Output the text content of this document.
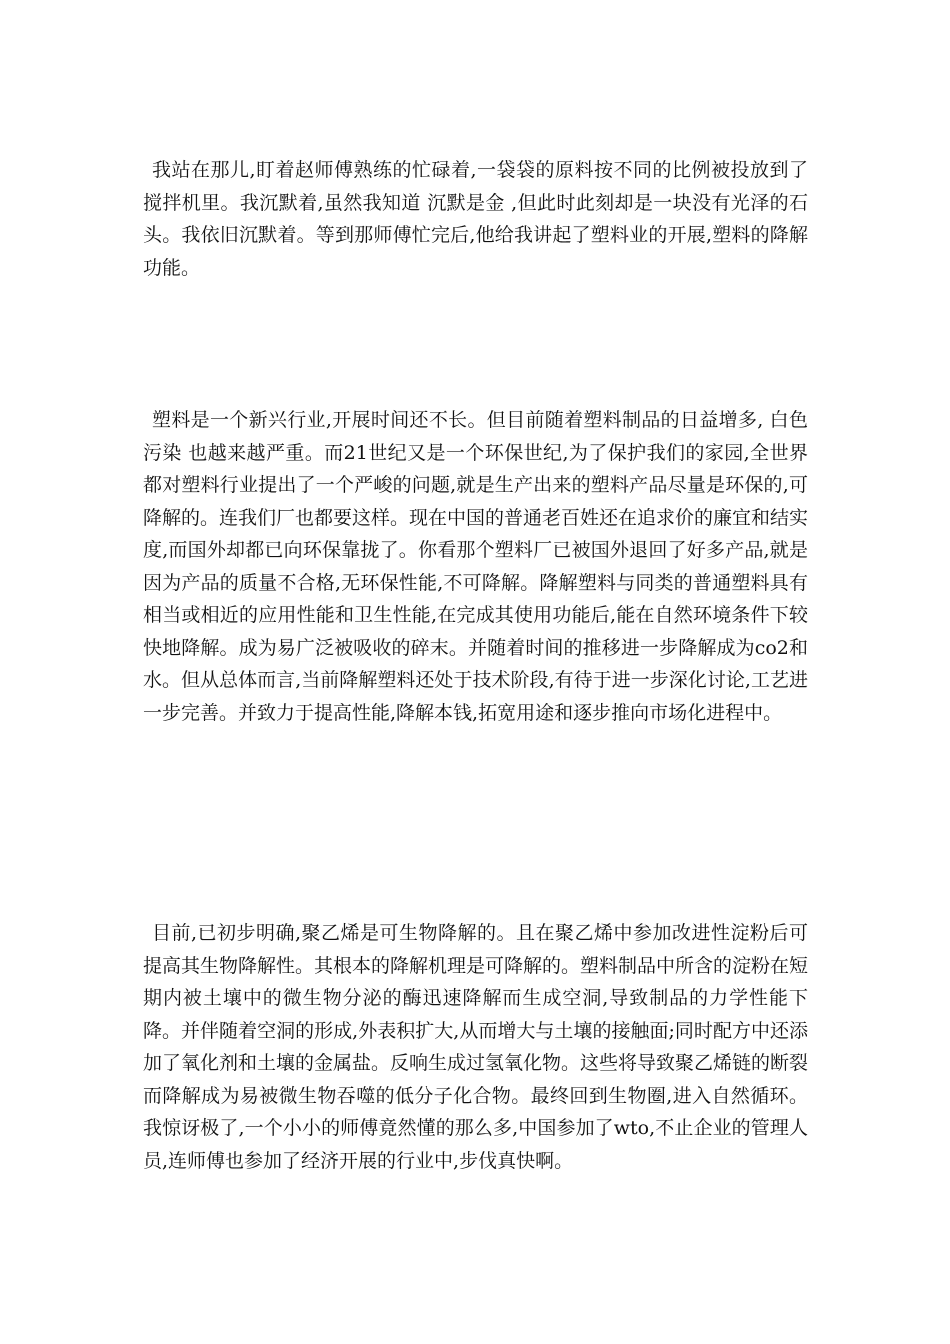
我站在那儿,盯着赵师傅熟练的忙碌着,一袋袋的原料按不同的比例被投放到了搅拌机里。我沉默着,虽然我知道 沉默是金 ,但此时此刻却是一块没有光泽的石头。我依旧沉默着。等到那师傅忙完后,他给我讲起了塑料业的开展,塑料的降解功能。

塑料是一个新兴行业,开展时间还不长。但目前随着塑料制品的日益增多, 白色污染 也越来越严重。而21世纪又是一个环保世纪,为了保护我们的家园,全世界都对塑料行业提出了一个严峻的问题,就是生产出来的塑料产品尽量是环保的,可降解的。连我们厂也都要这样。现在中国的普通老百姓还在追求价的廉宜和结实度,而国外却都已向环保靠拢了。你看那个塑料厂已被国外退回了好多产品,就是因为产品的质量不合格,无环保性能,不可降解。降解塑料与同类的普通塑料具有相当或相近的应用性能和卫生性能,在完成其使用功能后,能在自然环境条件下较快地降解。成为易广泛被吸收的碎末。并随着时间的推移进一步降解成为co2和水。但从总体而言,当前降解塑料还处于技术阶段,有待于进一步深化讨论,工艺进一步完善。并致力于提高性能,降解本钱,拓宽用途和逐步推向市场化进程中。

目前,已初步明确,聚乙烯是可生物降解的。且在聚乙烯中参加改进性淀粉后可提高其生物降解性。其根本的降解机理是可降解的。塑料制品中所含的淀粉在短期内被土壤中的微生物分泌的酶迅速降解而生成空洞,导致制品的力学性能下降。并伴随着空洞的形成,外表积扩大,从而增大与土壤的接触面;同时配方中还添加了氧化剂和土壤的金属盐。反响生成过氢氧化物。这些将导致聚乙烯链的断裂而降解成为易被微生物吞噬的低分子化合物。最终回到生物圈,进入自然循环。我惊讶极了,一个小小的师傅竟然懂的那么多,中国参加了wto,不止企业的管理人员,连师傅也参加了经济开展的行业中,步伐真快啊。
